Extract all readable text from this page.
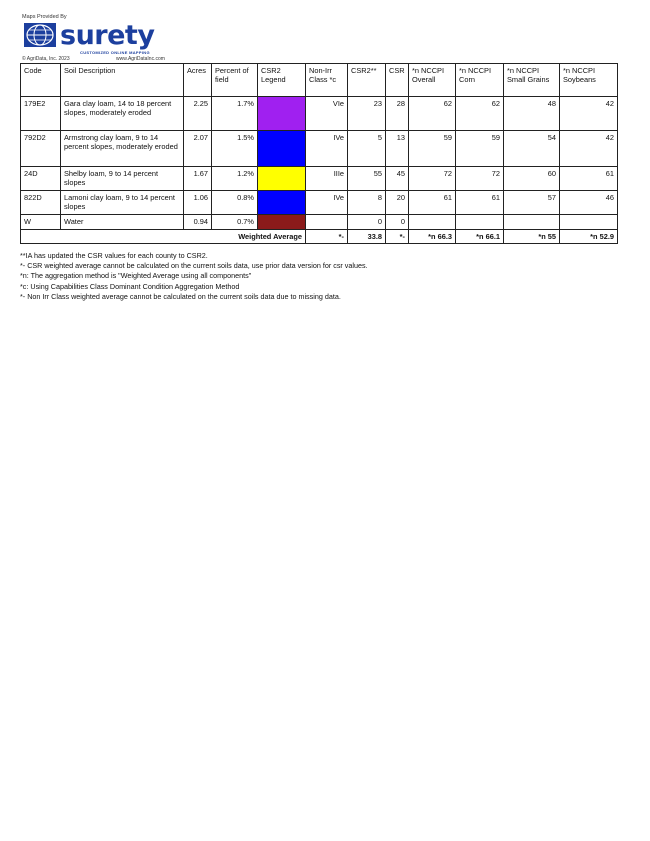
Maps Provided By
surety
CUSTOMIZED ONLINE MAPPING
© AgriData, Inc. 2023	www.AgriDataInc.com
Code	Soil Description	Acres	Percent of field	CSR2 Legend	Non-Irr Class *c	CSR2**	CSR	*n NCCPI Overall	*n NCCPI Corn	*n NCCPI Small Grains	*n NCCPI Soybeans
179E2	Gara clay loam, 14 to 18 percent slopes, moderately eroded	2.25	1.7%		VIe	23	28	62	62	48	42
792D2	Armstrong clay loam, 9 to 14 percent slopes, moderately eroded	2.07	1.5%		IVe	5	13	59	59	54	42
24D	Shelby loam, 9 to 14 percent slopes	1.67	1.2%		IIIe	55	45	72	72	60	61
822D	Lamoni clay loam, 9 to 14 percent slopes	1.06	0.8%		IVe	8	20	61	61	57	46
W	Water	0.94	0.7%			0	0				
Weighted Average					*-	33.8	*-	*n 66.3	*n 66.1	*n 55	*n 52.9
**IA has updated the CSR values for each county to CSR2.
*- CSR weighted average cannot be calculated on the current soils data, use prior data version for csr values.
*n: The aggregation method is "Weighted Average using all components"
*c: Using Capabilities Class Dominant Condition Aggregation Method
*- Non Irr Class weighted average cannot be calculated on the current soils data due to missing data.
